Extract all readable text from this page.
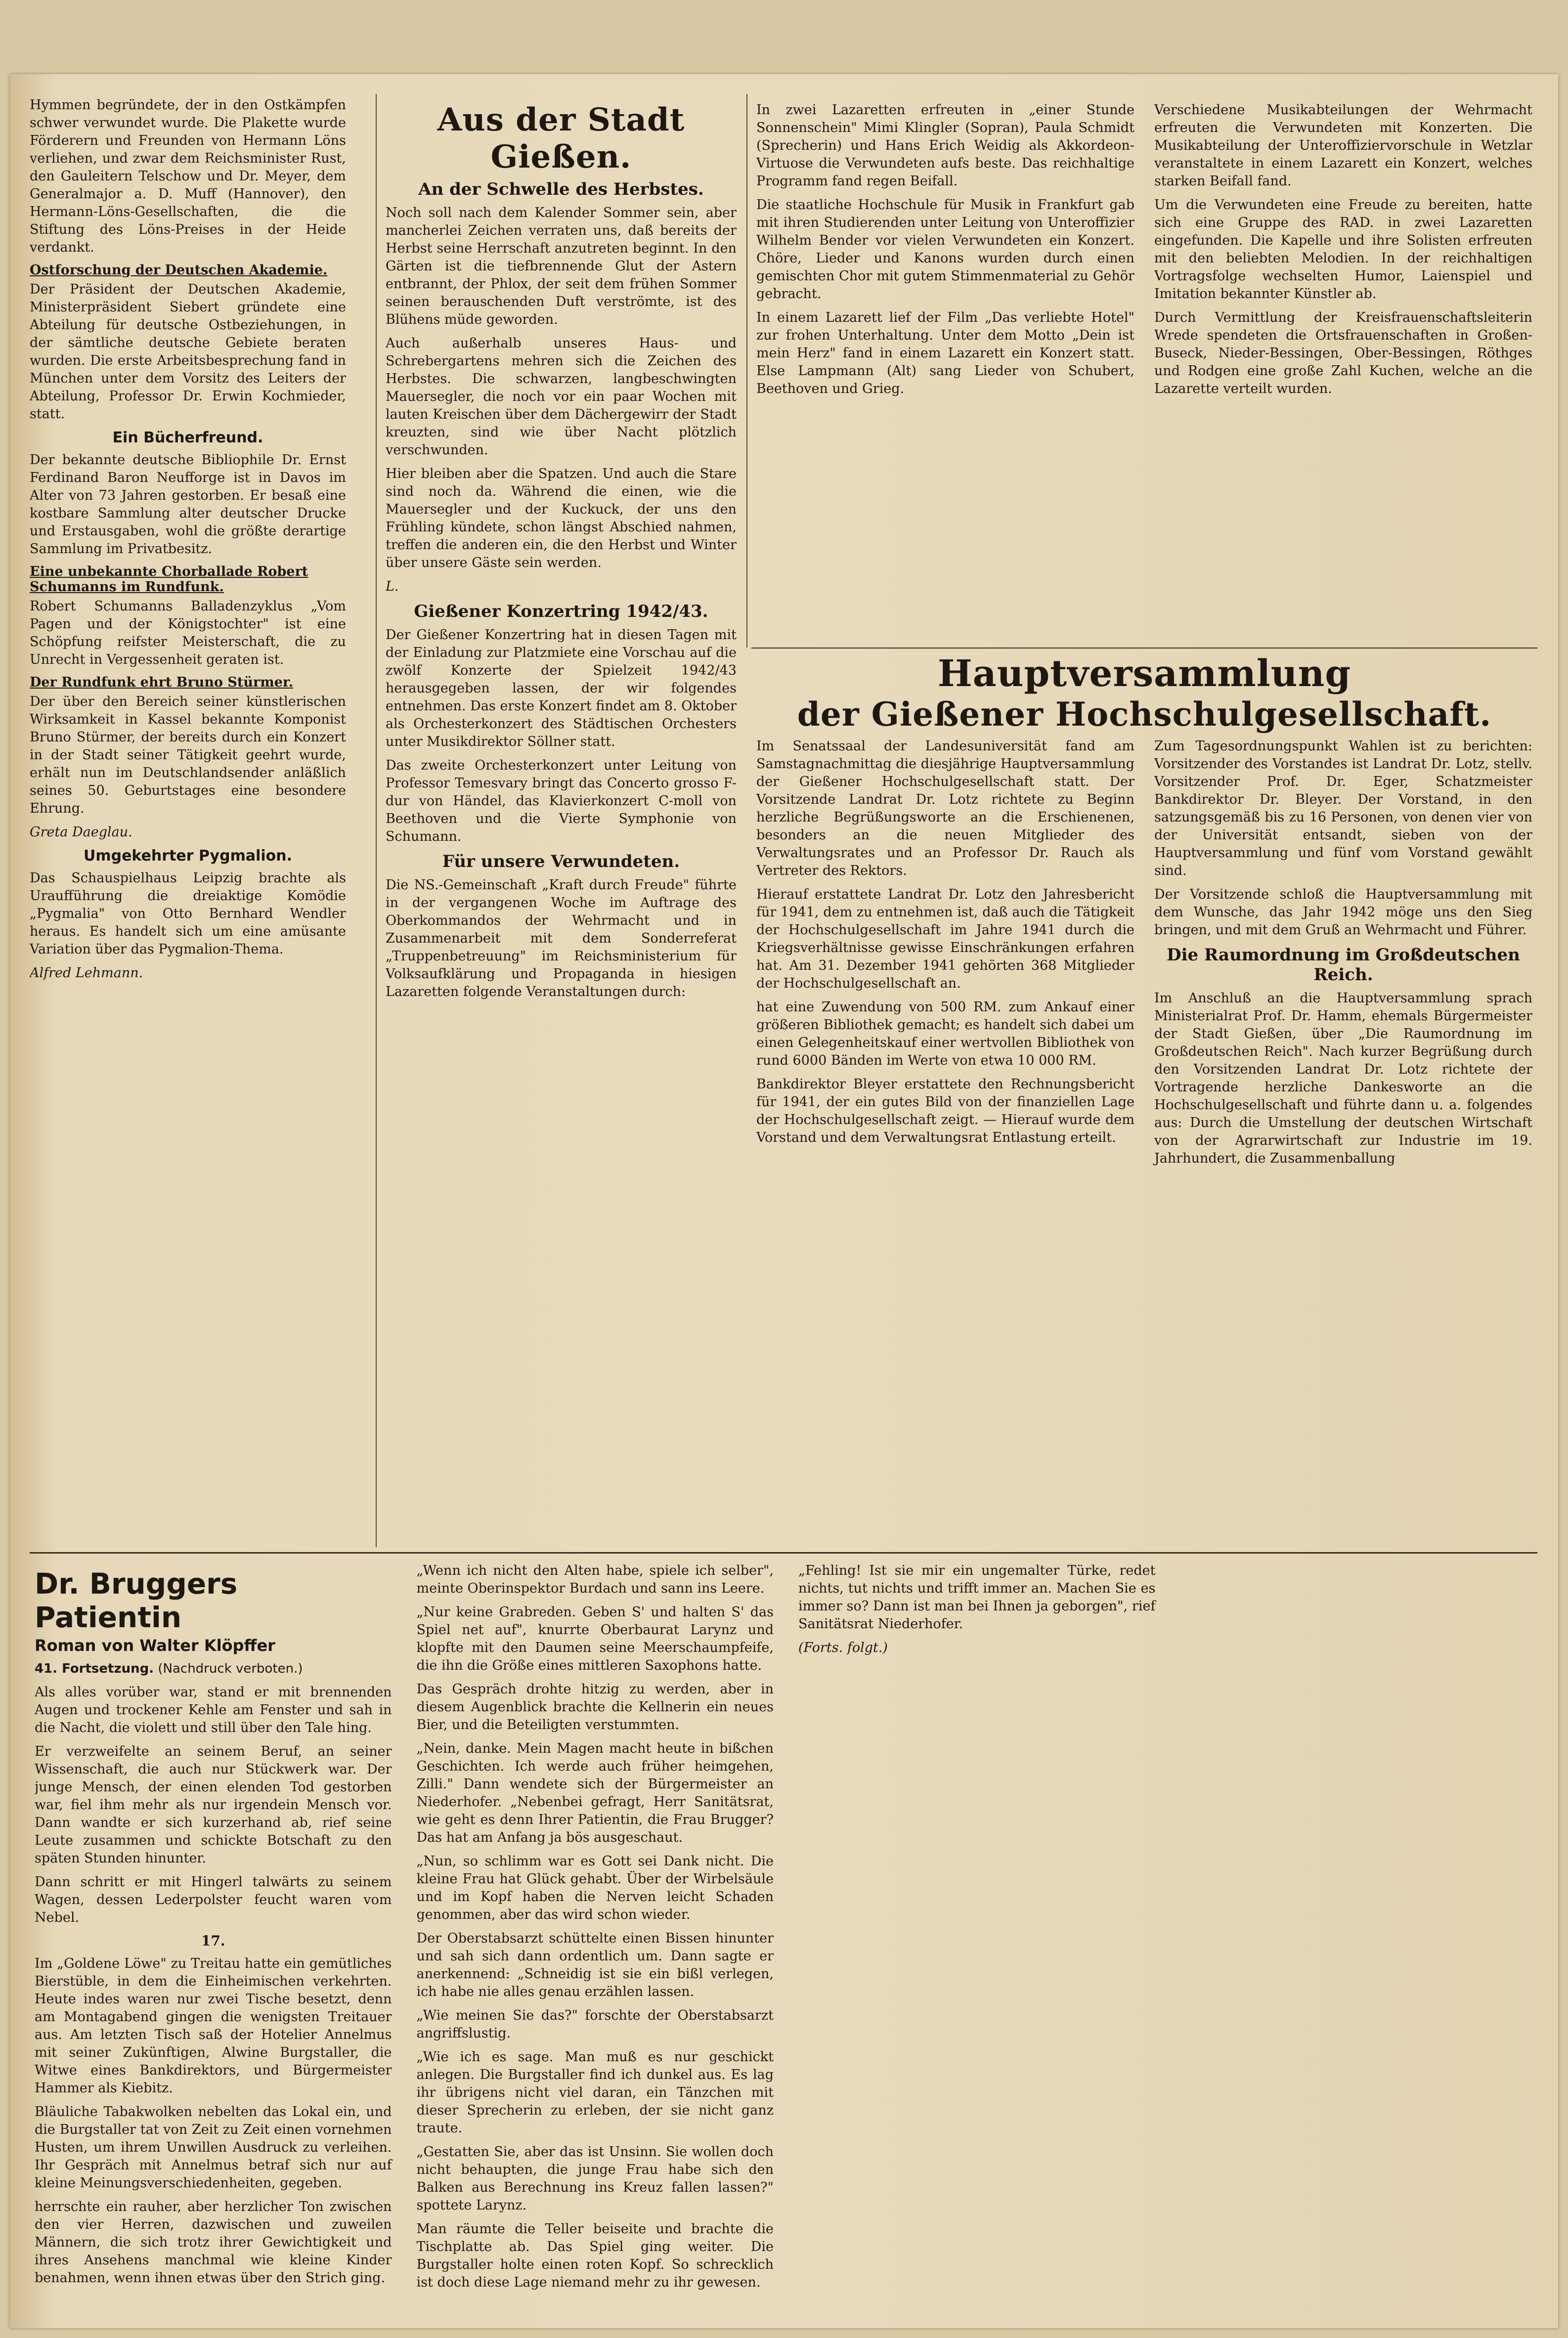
Hymmen begründete, der in den Ostkämpfen schwer verwundet wurde. Die Plakette wurde Förderern und Freunden von Hermann Löns verliehen, und zwar dem Reichsminister Rust, den Gauleitern Telschow und Dr. Meyer, dem Generalmajor a. D. Muff (Hannover), den Hermann-Löns-Gesellschaften, die die Stiftung des Löns-Preises in der Heide verdankt.

Ostforschung der Deutschen Akademie.

Der Präsident der Deutschen Akademie, Ministerpräsident Siebert gründete eine Abteilung für deutsche Ostbeziehungen, in der sämtliche deutsche Gebiete beraten wurden. Die erste Arbeitsbesprechung fand in München unter dem Vorsitz des Leiters der Abteilung, Professor Dr. Erwin Kochmieder, statt.

Ein Bücherfreund.

Der bekannte deutsche Bibliophile Dr. Ernst Ferdinand Baron Neufforge ist in Davos im Alter von 73 Jahren gestorben. Er besaß eine kostbare Sammlung alter deutscher Drucke und Erstausgaben, wohl die größte derartige Sammlung im Privatbesitz.

Eine unbekannte Chorballade Robert Schumanns im Rundfunk.

Robert Schumanns Balladenzyklus „Vom Pagen und der Königstochter" ist eine Schöpfung reifster Meisterschaft, die zu Unrecht in Vergessenheit geraten ist.

Der Rundfunk ehrt Bruno Stürmer.

Der über den Bereich seiner künstlerischen Wirksamkeit in Kassel bekannte Komponist Bruno Stürmer, der bereits durch ein Konzert in der Stadt seiner Tätigkeit geehrt wurde, erhält nun im Deutschlandsender anläßlich seines 50. Geburtstages eine besondere Ehrung.

Greta Daeglau.

Umgekehrter Pygmalion.

Das Schauspielhaus Leipzig brachte als Uraufführung die dreiaktige Komödie „Pygmalia" von Otto Bernhard Wendler heraus. Es handelt sich um eine amüsante Variation über das Pygmalion-Thema.

Alfred Lehmann.

Aus der Stadt Gießen.
An der Schwelle des Herbstes.

Noch soll nach dem Kalender Sommer sein, aber mancherlei Zeichen verraten uns, daß bereits der Herbst seine Herrschaft anzutreten beginnt. In den Gärten ist die tiefbrennende Glut der Astern entbrannt, der Phlox, der seit dem frühen Sommer seinen berauschenden Duft verströmte, ist des Blühens müde geworden.

Auch außerhalb unseres Haus- und Schrebergartens mehren sich die Zeichen des Herbstes. Die schwarzen, langbeschwingten Mauersegler, die noch vor ein paar Wochen mit lauten Kreischen über dem Dächergewirr der Stadt kreuzten, sind wie über Nacht plötzlich verschwunden.

Hier bleiben aber die Spatzen. Und auch die Stare sind noch da. Während die einen, wie die Mauersegler und der Kuckuck, der uns den Frühling kündete, schon längst Abschied nahmen, treffen die anderen ein, die den Herbst und Winter über unsere Gäste sein werden.

L.

Gießener Konzertring 1942/43.

Der Gießener Konzertring hat in diesen Tagen mit der Einladung zur Platzmiete eine Vorschau auf die zwölf Konzerte der Spielzeit 1942/43 herausgegeben lassen, der wir folgendes entnehmen. Das erste Konzert findet am 8. Oktober als Orchesterkonzert des Städtischen Orchesters unter Musikdirektor Söllner statt.

Das zweite Orchesterkonzert unter Leitung von Professor Temesvary bringt das Concerto grosso F-dur von Händel, das Klavierkonzert C-moll von Beethoven und die Vierte Symphonie von Schumann.

Für unsere Verwundeten.

Die NS.-Gemeinschaft „Kraft durch Freude" führte in der vergangenen Woche im Auftrage des Oberkommandos der Wehrmacht und in Zusammenarbeit mit dem Sonderreferat „Truppenbetreuung" im Reichsministerium für Volksaufklärung und Propaganda in hiesigen Lazaretten folgende Veranstaltungen durch:

In zwei Lazaretten erfreuten in „einer Stunde Sonnenschein" Mimi Klingler (Sopran), Paula Schmidt (Sprecherin) und Hans Erich Weidig als Akkordeon-Virtuose die Verwundeten aufs beste. Das reichhaltige Programm fand regen Beifall.

Die staatliche Hochschule für Musik in Frankfurt gab mit ihren Studierenden unter Leitung von Unteroffizier Wilhelm Bender vor vielen Verwundeten ein Konzert. Chöre, Lieder und Kanons wurden durch einen gemischten Chor mit gutem Stimmenmaterial zu Gehör gebracht.

In einem Lazarett lief der Film „Das verliebte Hotel" zur frohen Unterhaltung. Unter dem Motto „Dein ist mein Herz" fand in einem Lazarett ein Konzert statt. Else Lampmann (Alt) sang Lieder von Schubert, Beethoven und Grieg.

Verschiedene Musikabteilungen der Wehrmacht erfreuten die Verwundeten mit Konzerten. Die Musikabteilung der Unteroffiziervorschule in Wetzlar veranstaltete in einem Lazarett ein Konzert, welches starken Beifall fand.

Um die Verwundeten eine Freude zu bereiten, hatte sich eine Gruppe des RAD. in zwei Lazaretten eingefunden. Die Kapelle und ihre Solisten erfreuten mit den beliebten Melodien. In der reichhaltigen Vortragsfolge wechselten Humor, Laienspiel und Imitation bekannter Künstler ab.

Durch Vermittlung der Kreisfrauenschaftsleiterin Wrede spendeten die Ortsfrauenschaften in Großen-Buseck, Nieder-Bessingen, Ober-Bessingen, Röthges und Rodgen eine große Zahl Kuchen, welche an die Lazarette verteilt wurden.

Hauptversammlung
der Gießener Hochschulgesellschaft.

Im Senatssaal der Landesuniversität fand am Samstagnachmittag die diesjährige Hauptversammlung der Gießener Hochschulgesellschaft statt. Der Vorsitzende Landrat Dr. Lotz richtete zu Beginn herzliche Begrüßungsworte an die Erschienenen, besonders an die neuen Mitglieder des Verwaltungsrates und an Professor Dr. Rauch als Vertreter des Rektors.

Hierauf erstattete Landrat Dr. Lotz den Jahresbericht für 1941, dem zu entnehmen ist, daß auch die Tätigkeit der Hochschulgesellschaft im Jahre 1941 durch die Kriegsverhältnisse gewisse Einschränkungen erfahren hat. Am 31. Dezember 1941 gehörten 368 Mitglieder der Hochschulgesellschaft an.

hat eine Zuwendung von 500 RM. zum Ankauf einer größeren Bibliothek gemacht; es handelt sich dabei um einen Gelegenheitskauf einer wertvollen Bibliothek von rund 6000 Bänden im Werte von etwa 10 000 RM.

Bankdirektor Bleyer erstattete den Rechnungsbericht für 1941, der ein gutes Bild von der finanziellen Lage der Hochschulgesellschaft zeigt. — Hierauf wurde dem Vorstand und dem Verwaltungsrat Entlastung erteilt.

Zum Tagesordnungspunkt Wahlen ist zu berichten: Vorsitzender des Vorstandes ist Landrat Dr. Lotz, stellv. Vorsitzender Prof. Dr. Eger, Schatzmeister Bankdirektor Dr. Bleyer. Der Vorstand, in den satzungsgemäß bis zu 16 Personen, von denen vier von der Universität entsandt, sieben von der Hauptversammlung und fünf vom Vorstand gewählt sind.

Der Vorsitzende schloß die Hauptversammlung mit dem Wunsche, das Jahr 1942 möge uns den Sieg bringen, und mit dem Gruß an Wehrmacht und Führer.

Die Raumordnung im Großdeutschen Reich.

Im Anschluß an die Hauptversammlung sprach Ministerialrat Prof. Dr. Hamm, ehemals Bürgermeister der Stadt Gießen, über „Die Raumordnung im Großdeutschen Reich". Nach kurzer Begrüßung durch den Vorsitzenden Landrat Dr. Lotz richtete der Vortragende herzliche Dankesworte an die Hochschulgesellschaft und führte dann u. a. folgendes aus: Durch die Umstellung der deutschen Wirtschaft von der Agrarwirtschaft zur Industrie im 19. Jahrhundert, die Zusammenballung

Dr. Bruggers Patientin
Roman von Walter Klöpffer

41. Fortsetzung. (Nachdruck verboten.)

Als alles vorüber war, stand er mit brennenden Augen und trockener Kehle am Fenster und sah in die Nacht, die violett und still über den Tale hing.

Er verzweifelte an seinem Beruf, an seiner Wissenschaft, die auch nur Stückwerk war. Der junge Mensch, der einen elenden Tod gestorben war, fiel ihm mehr als nur irgendein Mensch vor. Dann wandte er sich kurzerhand ab, rief seine Leute zusammen und schickte Botschaft zu den späten Stunden hinunter.

Dann schritt er mit Hingerl talwärts zu seinem Wagen, dessen Lederpolster feucht waren vom Nebel.

17.

Im „Goldene Löwe" zu Treitau hatte ein gemütliches Bierstüble, in dem die Einheimischen verkehrten. Heute indes waren nur zwei Tische besetzt, denn am Montagabend gingen die wenigsten Treitauer aus. Am letzten Tisch saß der Hotelier Annelmus mit seiner Zukünftigen, Alwine Burgstaller, die Witwe eines Bankdirektors, und Bürgermeister Hammer als Kiebitz.

Bläuliche Tabakwolken nebelten das Lokal ein, und die Burgstaller tat von Zeit zu Zeit einen vornehmen Husten, um ihrem Unwillen Ausdruck zu verleihen. Ihr Gespräch mit Annelmus betraf sich nur auf kleine Meinungsverschiedenheiten, gegeben.

herrschte ein rauher, aber herzlicher Ton zwischen den vier Herren, dazwischen und zuweilen Männern, die sich trotz ihrer Gewichtigkeit und ihres Ansehens manchmal wie kleine Kinder benahmen, wenn ihnen etwas über den Strich ging.

„Wenn ich nicht den Alten habe, spiele ich selber", meinte Oberinspektor Burdach und sann ins Leere.

„Nur keine Grabreden. Geben S' und halten S' das Spiel net auf", knurrte Oberbaurat Larynz und klopfte mit den Daumen seine Meerschaumpfeife, die ihn die Größe eines mittleren Saxophons hatte.

Das Gespräch drohte hitzig zu werden, aber in diesem Augenblick brachte die Kellnerin ein neues Bier, und die Beteiligten verstummten.

„Nein, danke. Mein Magen macht heute in bißchen Geschichten. Ich werde auch früher heimgehen, Zilli." Dann wendete sich der Bürgermeister an Niederhofer. „Nebenbei gefragt, Herr Sanitätsrat, wie geht es denn Ihrer Patientin, die Frau Brugger? Das hat am Anfang ja bös ausgeschaut.

„Nun, so schlimm war es Gott sei Dank nicht. Die kleine Frau hat Glück gehabt. Über der Wirbelsäule und im Kopf haben die Nerven leicht Schaden genommen, aber das wird schon wieder.

Der Oberstabsarzt schüttelte einen Bissen hinunter und sah sich dann ordentlich um. Dann sagte er anerkennend: „Schneidig ist sie ein bißl verlegen, ich habe nie alles genau erzählen lassen.

„Wie meinen Sie das?" forschte der Oberstabsarzt angriffslustig.

„Wie ich es sage. Man muß es nur geschickt anlegen. Die Burgstaller find ich dunkel aus. Es lag ihr übrigens nicht viel daran, ein Tänzchen mit dieser Sprecherin zu erleben, der sie nicht ganz traute.

„Gestatten Sie, aber das ist Unsinn. Sie wollen doch nicht behaupten, die junge Frau habe sich den Balken aus Berechnung ins Kreuz fallen lassen?" spottete Larynz.

Man räumte die Teller beiseite und brachte die Tischplatte ab. Das Spiel ging weiter. Die Burgstaller holte einen roten Kopf. So schrecklich ist doch diese Lage niemand mehr zu ihr gewesen.

„Fehling! Ist sie mir ein ungemalter Türke, redet nichts, tut nichts und trifft immer an. Machen Sie es immer so? Dann ist man bei Ihnen ja geborgen", rief Sanitätsrat Niederhofer.

(Forts. folgt.)
